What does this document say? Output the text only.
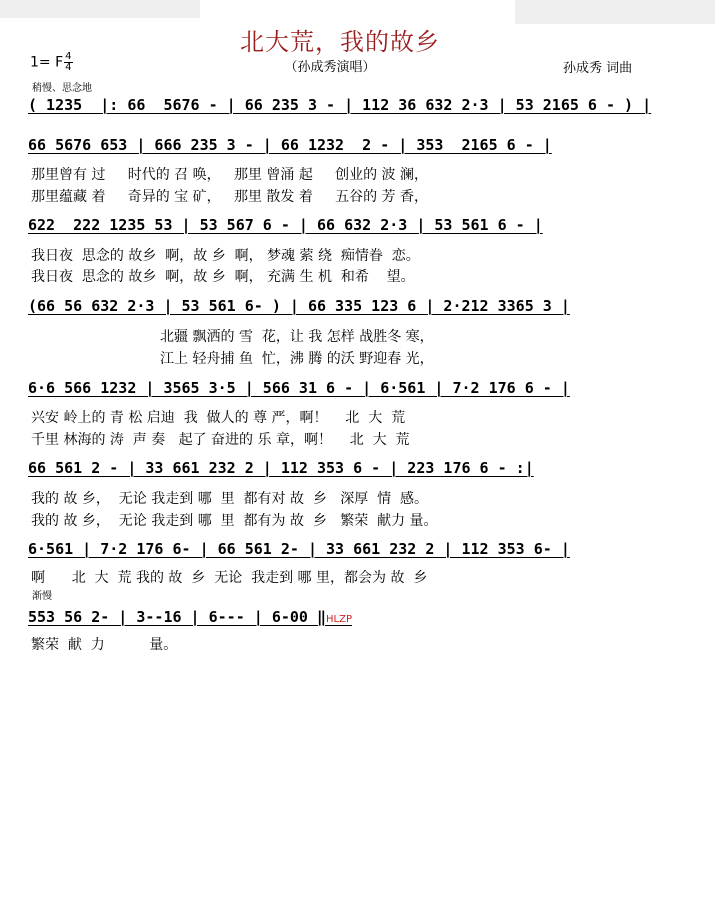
北大荒，我的故乡
1= F $\frac{4}{4}$	（孙成秀演唱）	孙成秀 词曲
稍慢、思念地
( 1235  |: 66  5676 - | 66 235 3 - | 112 36 632 2·3 | 53 2165 6 - ) |
66 5676 653 | 666 235 3 - | 66 1232  2 - | 353  2165 6 - |
那里曾有 过     时代的 召 唤，   那里 曾涌 起     创业的 波 澜，
那里蕴藏 着     奇异的 宝 矿，   那里 散发 着     五谷的 芳 香，
622  222 1235 53 | 53 567 6 - | 66 632 2·3 | 53 561 6 - |
我日夜  思念的 故乡  啊，故 乡  啊， 梦魂 萦 绕  痴情眷  恋。
我日夜  思念的 故乡  啊，故 乡  啊， 充满 生 机  和希    望。
(66 56 632 2·3 | 53 561 6- ) | 66 335 123 6 | 2·212 3365 3 |
北疆 飘洒的 雪  花，让 我 怎样 战胜冬 寒，
江上 轻舟捕 鱼  忙，沸 腾 的沃 野迎春 光，
6·6 566 1232 | 3565 3·5 | 566 31 6 - | 6·561 | 7·2 176 6 - |
兴安 岭上的 青 松 启迪  我  做人的 尊 严，啊！    北  大  荒
千里 林海的 涛  声 奏   起了 奋进的 乐 章，啊！    北  大  荒
66 561 2 - | 33 661 232 2 | 112 353 6 - | 223 176 6 - :|
我的 故 乡，  无论 我走到 哪  里  都有对 故  乡   深厚  情  感。
我的 故 乡，  无论 我走到 哪  里  都有为 故  乡   繁荣  献力 量。
6·561 | 7·2 176 6- | 66 561 2- | 33 661 232 2 | 112 353 6- |
啊      北  大  荒 我的 故  乡  无论  我走到 哪 里，都会为 故  乡
渐慢
553 56 2- | 3--16 | 6--- | 6-00 ‖HLZP
繁荣  献  力          量。
